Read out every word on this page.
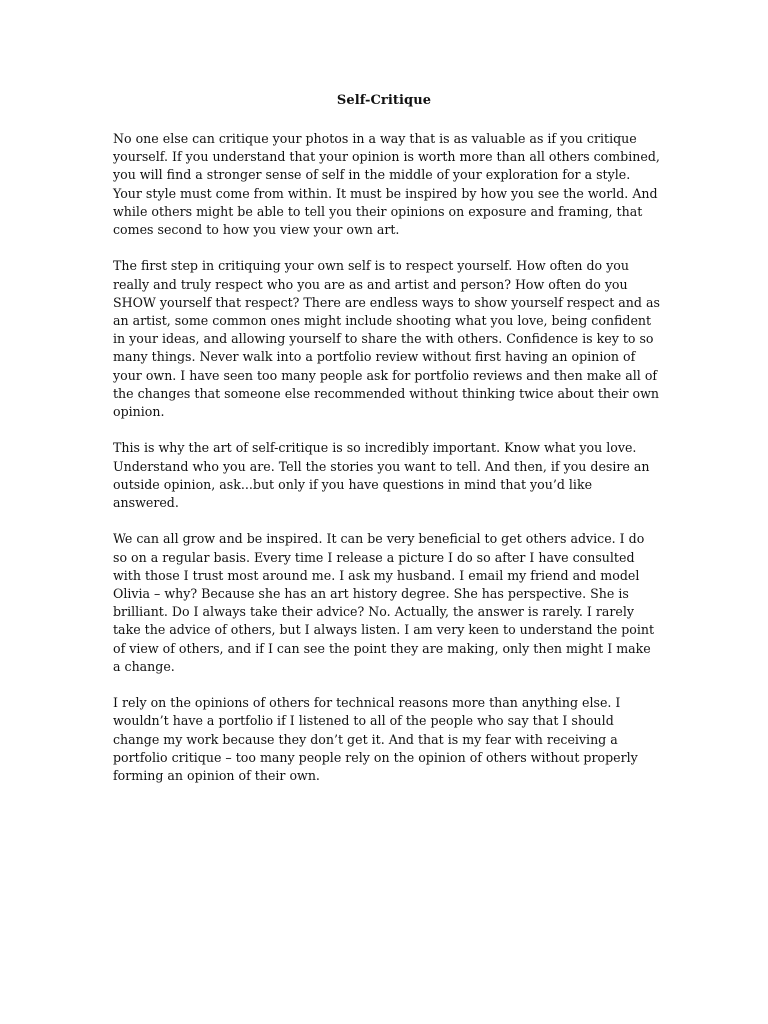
Self-Critique

No one else can critique your photos in a way that is as valuable as if you critique yourself. If you understand that your opinion is worth more than all others combined, you will find a stronger sense of self in the middle of your exploration for a style. Your style must come from within. It must be inspired by how you see the world. And while others might be able to tell you their opinions on exposure and framing, that comes second to how you view your own art.

The first step in critiquing your own self is to respect yourself. How often do you really and truly respect who you are as and artist and person? How often do you SHOW yourself that respect? There are endless ways to show yourself respect and as an artist, some common ones might include shooting what you love, being confident in your ideas, and allowing yourself to share the with others. Confidence is key to so many things. Never walk into a portfolio review without first having an opinion of your own. I have seen too many people ask for portfolio reviews and then make all of the changes that someone else recommended without thinking twice about their own opinion.

This is why the art of self-critique is so incredibly important. Know what you love. Understand who you are. Tell the stories you want to tell. And then, if you desire an outside opinion, ask...but only if you have questions in mind that you’d like answered.

We can all grow and be inspired. It can be very beneficial to get others advice. I do so on a regular basis. Every time I release a picture I do so after I have consulted with those I trust most around me. I ask my husband. I email my friend and model Olivia – why? Because she has an art history degree. She has perspective. She is brilliant. Do I always take their advice? No. Actually, the answer is rarely. I rarely take the advice of others, but I always listen. I am very keen to understand the point of view of others, and if I can see the point they are making, only then might I make a change.

I rely on the opinions of others for technical reasons more than anything else. I wouldn’t have a portfolio if I listened to all of the people who say that I should change my work because they don’t get it. And that is my fear with receiving a portfolio critique – too many people rely on the opinion of others without properly forming an opinion of their own.
